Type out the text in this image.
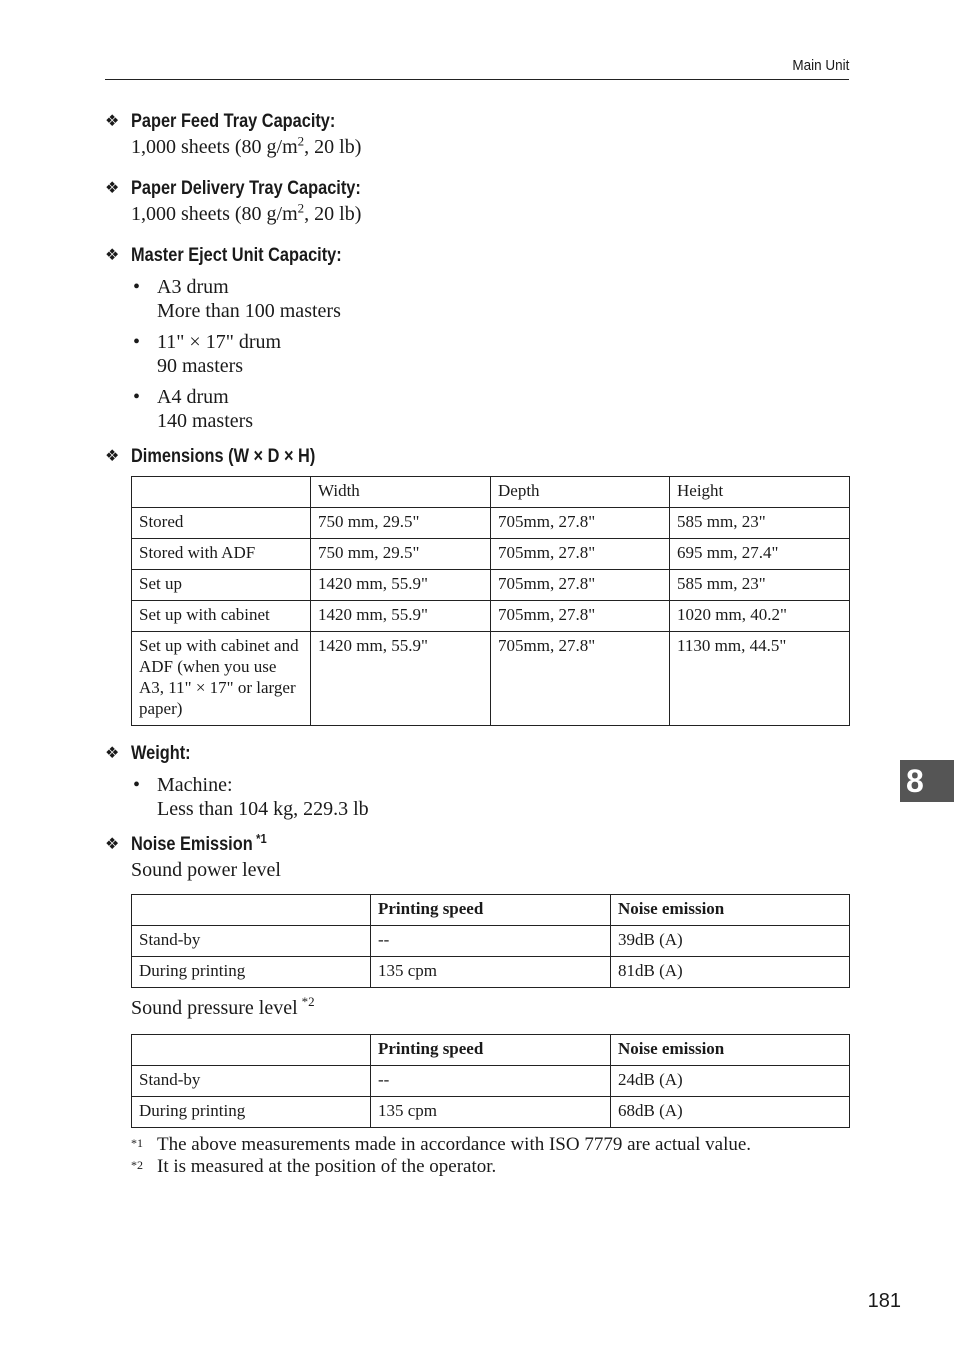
Main Unit
❖ Paper Feed Tray Capacity:
1,000 sheets (80 $g/m^2$, 20 lb)
❖ Paper Delivery Tray Capacity:
1,000 sheets (80 $g/m^2$, 20 lb)
❖ Master Eject Unit Capacity:
• A3 drum
More than 100 masters
• 11" × 17" drum
90 masters
• A4 drum
140 masters
❖ Dimensions (W × D × H)
	Width	Depth	Height
Stored	750 mm, 29.5"	705mm, 27.8"	585 mm, 23"
Stored with ADF	750 mm, 29.5"	705mm, 27.8"	695 mm, 27.4"
Set up	1420 mm, 55.9"	705mm, 27.8"	585 mm, 23"
Set up with cabinet	1420 mm, 55.9"	705mm, 27.8"	1020 mm, 40.2"
Set up with cabinet and ADF (when you use A3, 11" × 17" or larger paper)	1420 mm, 55.9"	705mm, 27.8"	1130 mm, 44.5"
❖ Weight:
• Machine:
Less than 104 kg, 229.3 lb
❖ Noise Emission $^{*1}$
Sound power level
	Printing speed	Noise emission
Stand-by	--	39dB (A)
During printing	135 cpm	81dB (A)
Sound pressure level $^{*2}$
	Printing speed	Noise emission
Stand-by	--	24dB (A)
During printing	135 cpm	68dB (A)
*1 The above measurements made in accordance with ISO 7779 are actual value.
*2 It is measured at the position of the operator.
8
181
